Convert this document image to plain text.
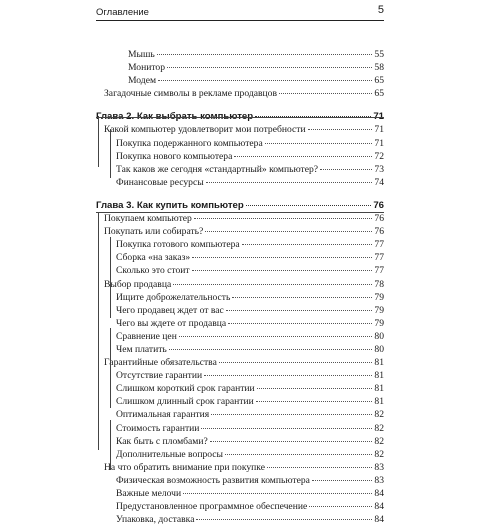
Оглавление	5
Мышь	55
Монитор	58
Модем	65
Загадочные символы в рекламе продавцов	65
Глава 2. Как выбрать компьютер	71
Какой компьютер удовлетворит мои потребности	71
Покупка подержанного компьютера	71
Покупка нового компьютера	72
Так каков же сегодня «стандартный» компьютер?	73
Финансовые ресурсы	74
Глава 3. Как купить компьютер	76
Покупаем компьютер	76
Покупать или собирать?	76
Покупка готового компьютера	77
Сборка «на заказ»	77
Сколько это стоит	77
Выбор продавца	78
Ищите доброжелательность	79
Чего продавец ждет от вас	79
Чего вы ждете от продавца	79
Сравнение цен	80
Чем платить	80
Гарантийные обязательства	81
Отсутствие гарантии	81
Слишком короткий срок гарантии	81
Слишком длинный срок гарантии	81
Оптимальная гарантия	82
Стоимость гарантии	82
Как быть с пломбами?	82
Дополнительные вопросы	82
На что обратить внимание при покупке	83
Физическая возможность развития компьютера	83
Важные мелочи	84
Предустановленное программное обеспечение	84
Упаковка, доставка	84
